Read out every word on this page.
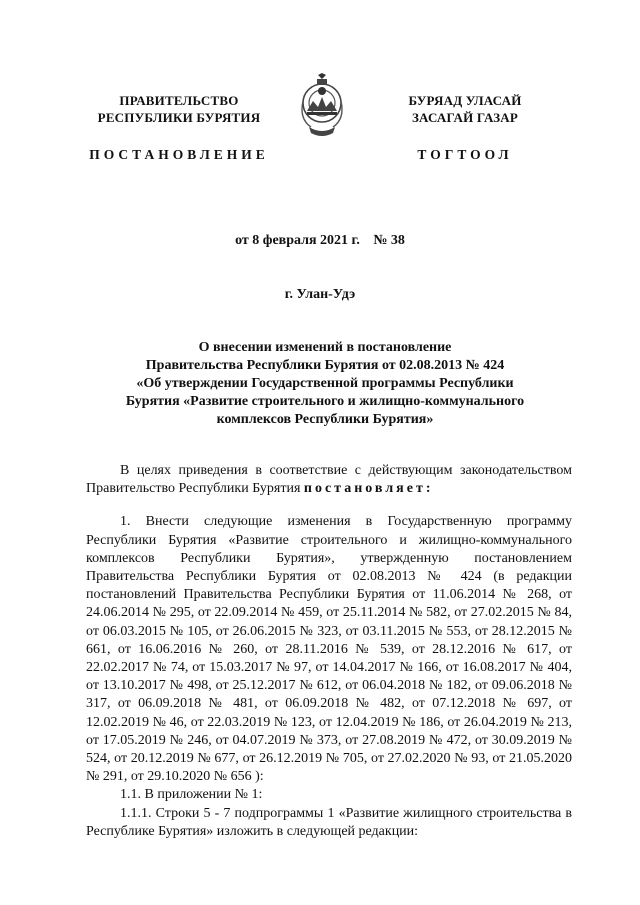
ПРАВИТЕЛЬСТВО
РЕСПУБЛИКИ БУРЯТИЯ
ПОСТАНОВЛЕНИЕ
БУРЯАД УЛАСАЙ
ЗАСАГАЙ ГАЗАР
ТОГТООЛ
от 8 февраля 2021 г. № 38
г. Улан-Удэ
О внесении изменений в постановление
Правительства Республики Бурятия от 02.08.2013 № 424
«Об утверждении Государственной программы Республики
Бурятия «Развитие строительного и жилищно-коммунального
комплексов Республики Бурятия»

В целях приведения в соответствие с действующим законодательством Правительство Республики Бурятия постановляет:

1. Внести следующие изменения в Государственную программу Республики Бурятия «Развитие строительного и жилищно-коммунального комплексов Республики Бурятия», утвержденную постановлением Правительства Республики Бурятия от 02.08.2013 № 424 (в редакции постановлений Правительства Республики Бурятия от 11.06.2014 № 268, от 24.06.2014 № 295, от 22.09.2014 № 459, от 25.11.2014 № 582, от 27.02.2015 № 84, от 06.03.2015 № 105, от 26.06.2015 № 323, от 03.11.2015 № 553, от 28.12.2015 № 661, от 16.06.2016 № 260, от 28.11.2016 № 539, от 28.12.2016 № 617, от 22.02.2017 № 74, от 15.03.2017 № 97, от 14.04.2017 № 166, от 16.08.2017 № 404, от 13.10.2017 № 498, от 25.12.2017 № 612, от 06.04.2018 № 182, от 09.06.2018 № 317, от 06.09.2018 № 481, от 06.09.2018 № 482, от 07.12.2018 № 697, от 12.02.2019 № 46, от 22.03.2019 № 123, от 12.04.2019 № 186, от 26.04.2019 № 213, от 17.05.2019 № 246, от 04.07.2019 № 373, от 27.08.2019 № 472, от 30.09.2019 № 524, от 20.12.2019 № 677, от 26.12.2019 № 705, от 27.02.2020 № 93, от 21.05.2020 № 291, от 29.10.2020 № 656 ):

1.1. В приложении № 1:

1.1.1. Строки 5 - 7 подпрограммы 1 «Развитие жилищного строительства в Республике Бурятия» изложить в следующей редакции:
